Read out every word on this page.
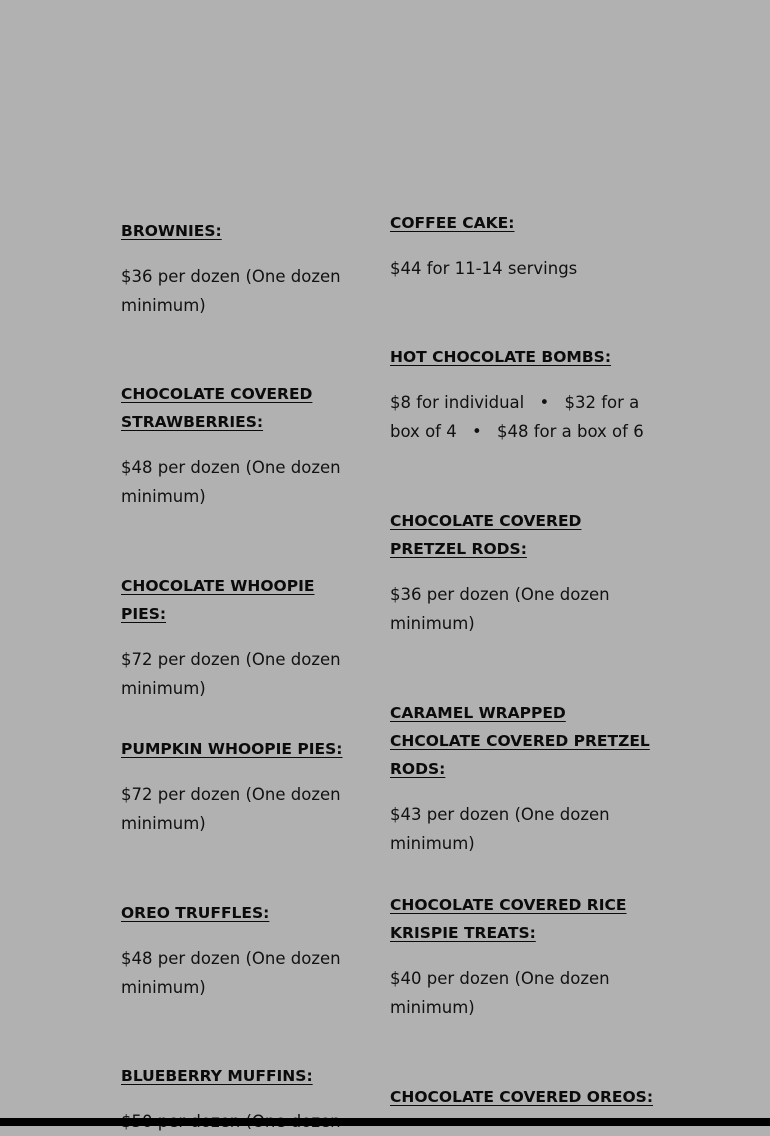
BROWNIES:
$36 per dozen (One dozen minimum)
CHOCOLATE COVERED STRAWBERRIES:
$48 per dozen (One dozen minimum)
CHOCOLATE WHOOPIE PIES:
$72 per dozen (One dozen minimum)
PUMPKIN WHOOPIE PIES:
$72 per dozen (One dozen minimum)
OREO TRUFFLES:
$48 per dozen (One dozen minimum)
BLUEBERRY MUFFINS:
COFFEE CAKE:
$44 for 11-14 servings
HOT CHOCOLATE BOMBS:
$8 for individual • $32 for a box of 4 • $48 for a box of 6
CHOCOLATE COVERED PRETZEL RODS:
$36 per dozen (One dozen minimum)
CARAMEL WRAPPED CHCOLATE COVERED PRETZEL RODS:
$43 per dozen (One dozen minimum)
CHOCOLATE COVERED RICE KRISPIE TREATS:
$40 per dozen (One dozen minimum)
CHOCOLATE COVERED OREOS:
